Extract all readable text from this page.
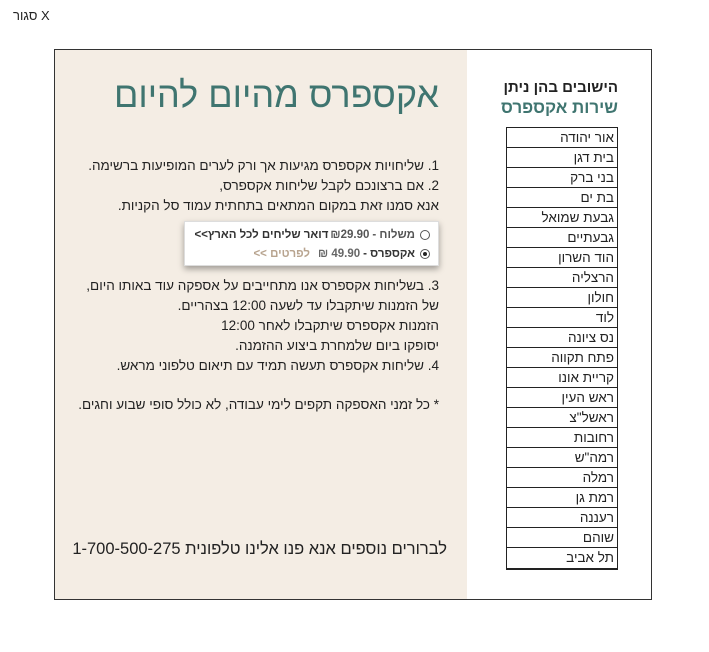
סגור X
אקספרס מהיום להיום

1. שליחויות אקספרס מגיעות אך ורק לערים המופיעות ברשימה.

2. אם ברצונכם לקבל שליחות אקספרס,

אנא סמנו זאת במקום המתאים בתחתית עמוד סל הקניות.

משלוח -
₪29.90
דואר שליחים לכל הארץ>>
אקספרס -
49.90 ₪
לפרטים >>

3. בשליחות אקספרס אנו מתחייבים על אספקה עוד באותו היום,

של הזמנות שיתקבלו עד לשעה 12:00 בצהריים.

הזמנות אקספרס שיתקבלו לאחר 12:00

יסופקו ביום שלמחרת ביצוע ההזמנה.

4. שליחות אקספרס תעשה תמיד עם תיאום טלפוני מראש.

* כל זמני האספקה תקפים לימי עבודה, לא כולל סופי שבוע וחגים.
לברורים נוספים אנא פנו אלינו טלפונית 1-700-500-275
הישובים בהן ניתן
שירות אקספרס
אור יהודה
בית דגן
בני ברק
בת ים
גבעת שמואל
גבעתיים
הוד השרון
הרצליה
חולון
לוד
נס ציונה
פתח תקווה
קריית אונו
ראש העין
ראשל"צ
רחובות
רמה"ש
רמלה
רמת גן
רעננה
שוהם
תל אביב
